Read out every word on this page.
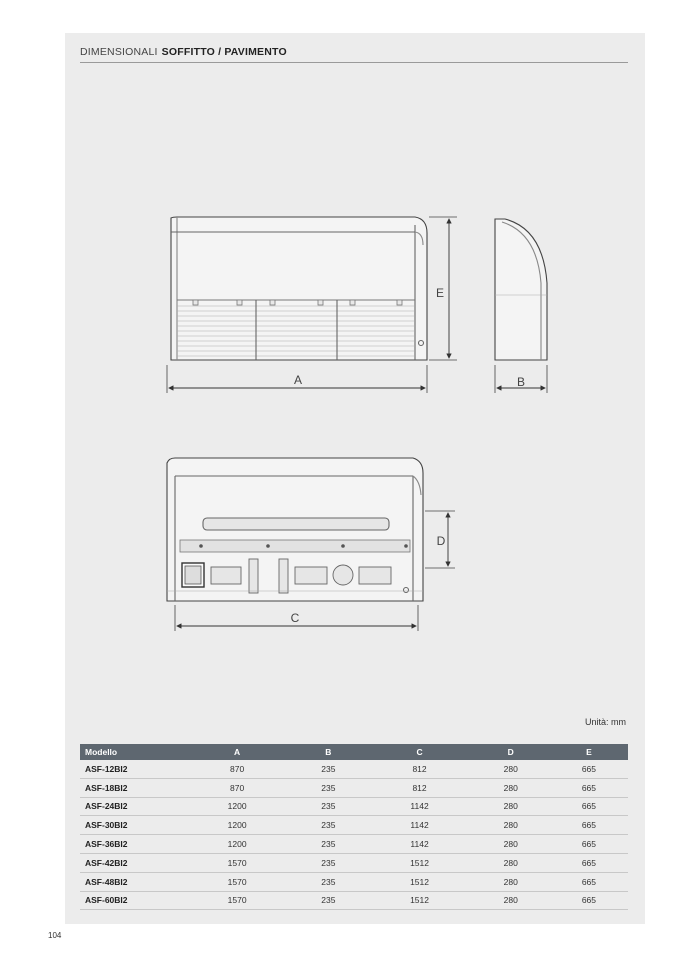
DIMENSIONALI SOFFITTO / PAVIMENTO
A
E
B
C
D
Unità: mm
Modello	A	B	C	D	E
ASF-12BI2	870	235	812	280	665
ASF-18BI2	870	235	812	280	665
ASF-24BI2	1200	235	1142	280	665
ASF-30BI2	1200	235	1142	280	665
ASF-36BI2	1200	235	1142	280	665
ASF-42BI2	1570	235	1512	280	665
ASF-48BI2	1570	235	1512	280	665
ASF-60BI2	1570	235	1512	280	665
104
